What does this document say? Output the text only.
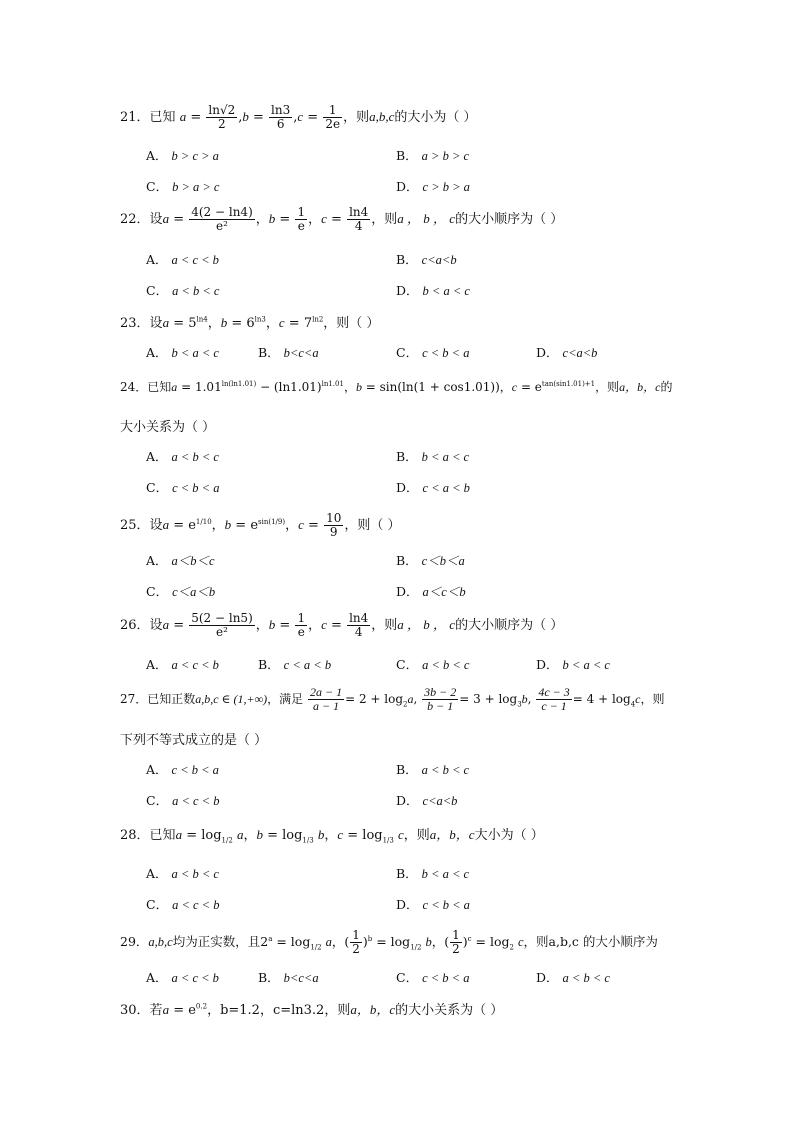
21．已知 $a = \frac{\ln√2}{2} ,b = \frac{\ln 3}{6} ,c = \frac{1}{2e}$ ，则a,b,c的大小为（ ）
A． b > c > a	B． a > b > c
C． b > a > c	D． c > b > a
22．设$a = \frac{4(2 - \ln 4)}{\text{e²}}$ ，$b = \frac{1}{e}$ ，$c = \frac{\ln 4}{4}$ ，则a ， b ， c的大小顺序为（ ）
A． a < c < b	B． c<a<b
C． a < b < c	D． b < a < c
23．设$a = 5^{ln4}$，$b = 6^{ln3}$，$c = 7^{ln2}$，则（ ）
A． b < a < c	B． b<c<a	C． c < b < a	D． c<a<b
24．已知$a = 1.01^{ln(ln1.01)} - (\ln 1.01)^{ln1.01}$，b = sin(ln(1 + cos1.01))，$c = e^{tan(sin1.01)+1}$，则a，b，c的
大小关系为（ ）
A． a < b < c	B． b < a < c
C． c < b < a	D． c < a < b
25．设$a = e^{1/10}$，$b = e^{sin(1/9)}$，$c = \frac{10}{9}$ ，则（ ）
A． a＜b＜c	B． c＜b＜a
C． c＜a＜b	D． a＜c＜b
26．设$a = \frac{5(2 - \ln 5)}{\text{e²}}$ ，$b = \frac{1}{e}$ ，$c = \frac{\ln 4}{4}$ ，则a ， b ， c的大小顺序为（ ）
A． a < c < b	B． c < a < b	C． a < b < c	D． b < a < c
27．已知正数a,b,c ∈ (1,+∞)，满足 $\frac{2a - 1}{a - 1} = 2 + \log_2a$, $\frac{3b - 2}{b - 1} = 3 + \log_3b$, $\frac{4c - 3}{c - 1} = 4 + \log_4c$，则
下列不等式成立的是（ ）
A． c < b < a	B． a < b < c
C． a < c < b	D． c<a<b
28．已知$a = \log_{1/2} a$，$b = \log_{1/3} b$，$c = \log_{1/3} c$，则a，b，c大小为（ ）
A． a < b < c	B． b < a < c
C． a < c < b	D． c < b < a
29．a,b,c均为正实数，且$2^a = \log_{1/2} a$，( $\frac{1}{2} )^b = \log_{1/2} b$，( $\frac{1}{2} )^c = \log_2 c$，则a,b,c 的大小顺序为
A． a < c < b	B． b<c<a	C． c < b < a	D． a < b < c
30．若$a = e^{0.2}$，b=1.2，c=ln3.2，则a，b，c的大小关系为（ ）
